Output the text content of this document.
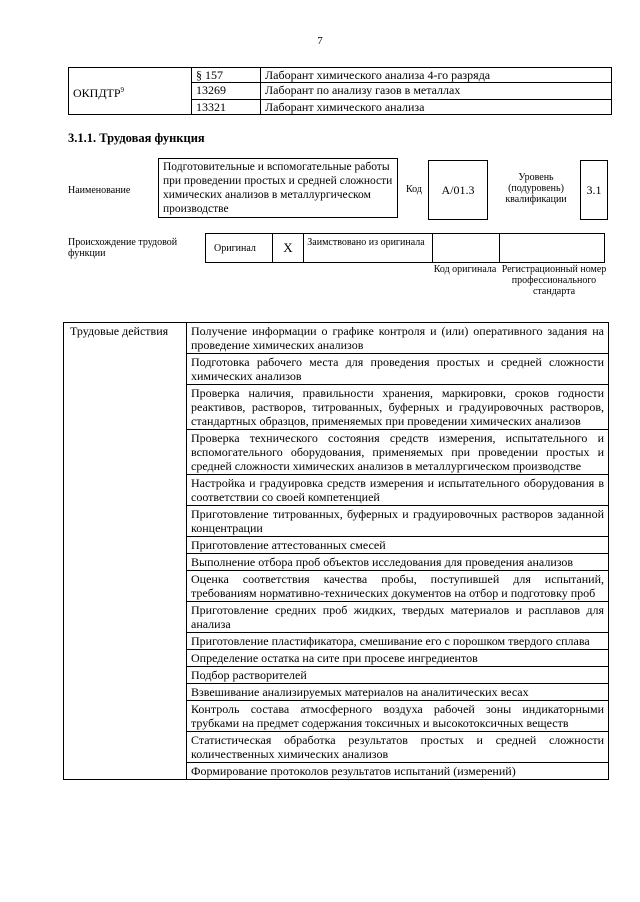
7
	§ 157	Лаборант химического анализа 4-го разряда
ОКПДТР$^9$	13269	Лаборант по анализу газов в металлах
	13321	Лаборант химического анализа
3.1.1. Трудовая функция
Наименование
Подготовительные и вспомогательные работы при проведении простых и средней сложности химических анализов в металлургическом производстве
Код	A/01.3
Уровень (подуровень) квалификации
3.1
Происхождение трудовой функции	Оригинал	X	Заимствовано из оригинала
Код оригинала Регистрационный номер профессионального стандарта
Трудовые действия	Получение информации о графике контроля и (или) оперативного задания на проведение химических анализов
Подготовка рабочего места для проведения простых и средней сложности химических анализов
Проверка наличия, правильности хранения, маркировки, сроков годности реактивов, растворов, титрованных, буферных и градуировочных растворов, стандартных образцов, применяемых при проведении химических анализов
Проверка технического состояния средств измерения, испытательного и вспомогательного оборудования, применяемых при проведении простых и средней сложности химических анализов в металлургическом производстве
Настройка и градуировка средств измерения и испытательного оборудования в соответствии со своей компетенцией
Приготовление титрованных, буферных и градуировочных растворов заданной концентрации
Приготовление аттестованных смесей
Выполнение отбора проб объектов исследования для проведения анализов
Оценка соответствия качества пробы, поступившей для испытаний, требованиям нормативно-технических документов на отбор и подготовку проб
Приготовление средних проб жидких, твердых материалов и расплавов для анализа
Приготовление пластификатора, смешивание его с порошком твердого сплава
Определение остатка на сите при просеве ингредиентов
Подбор растворителей
Взвешивание анализируемых материалов на аналитических весах
Контроль состава атмосферного воздуха рабочей зоны индикаторными трубками на предмет содержания токсичных и высокотоксичных веществ
Статистическая обработка результатов простых и средней сложности количественных химических анализов
Формирование протоколов результатов испытаний (измерений)
